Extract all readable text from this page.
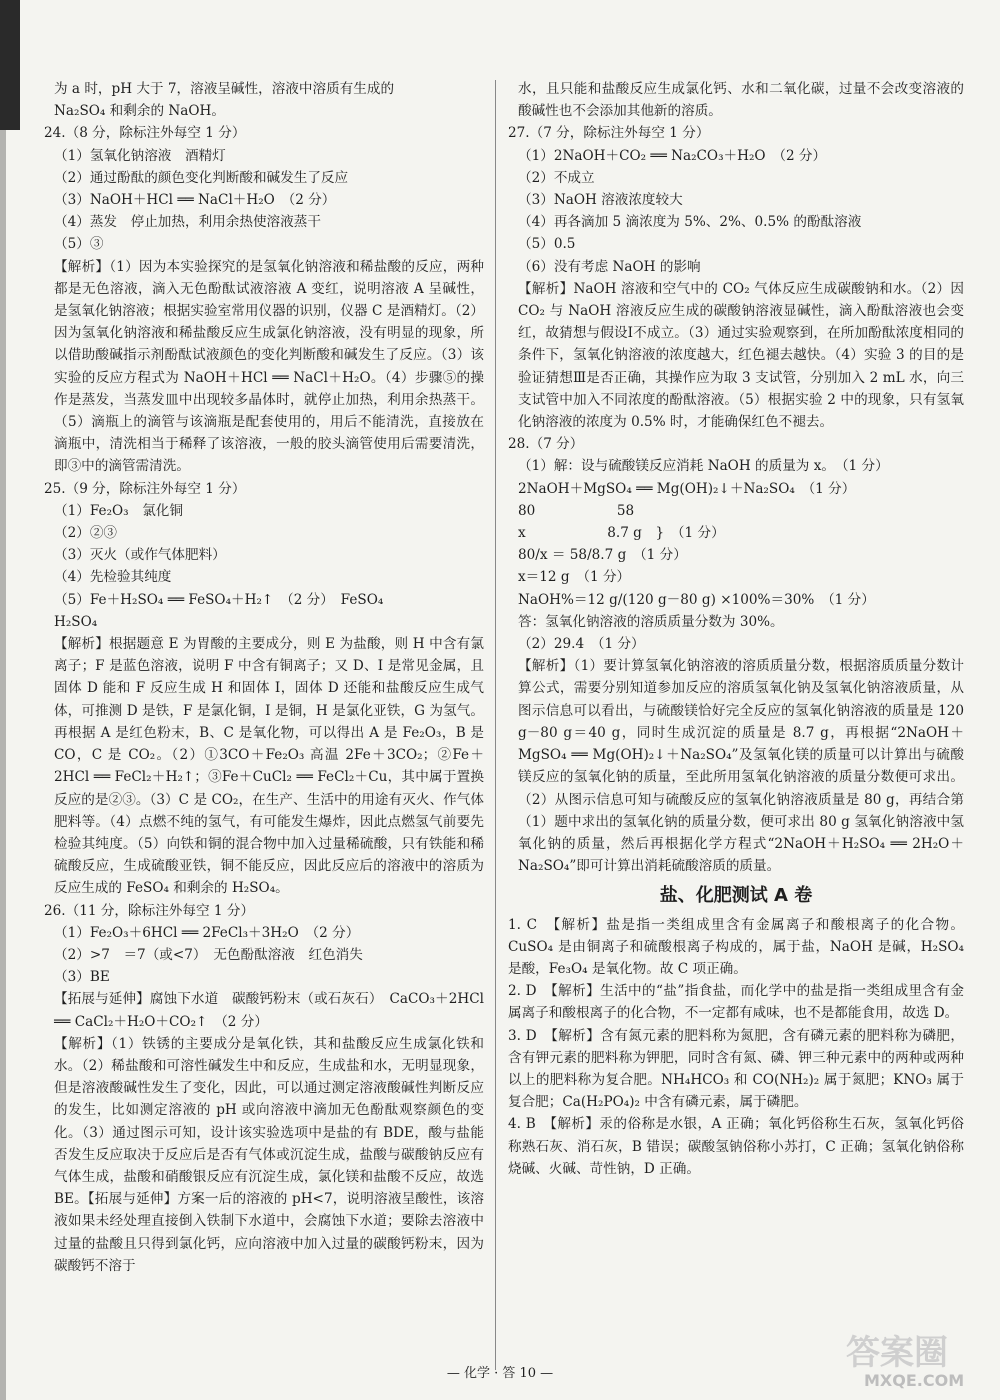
为 a 时，pH 大于 7，溶液呈碱性，溶液中溶质有生成的

Na₂SO₄ 和剩余的 NaOH。

24.（8 分，除标注外每空 1 分）

（1）氢氧化钠溶液　酒精灯

（2）通过酚酞的颜色变化判断酸和碱发生了反应

（3）NaOH＋HCl ══ NaCl＋H₂O　（2 分）

（4）蒸发　停止加热，利用余热使溶液蒸干

（5）③

【解析】（1）因为本实验探究的是氢氧化钠溶液和稀盐酸的反应，两种都是无色溶液，滴入无色酚酞试液溶液 A 变红，说明溶液 A 呈碱性，是氢氧化钠溶液；根据实验室常用仪器的识别，仪器 C 是酒精灯。（2）因为氢氧化钠溶液和稀盐酸反应生成氯化钠溶液，没有明显的现象，所以借助酸碱指示剂酚酞试液颜色的变化判断酸和碱发生了反应。（3）该实验的反应方程式为 NaOH＋HCl ══ NaCl＋H₂O。（4）步骤⑤的操作是蒸发，当蒸发皿中出现较多晶体时，就停止加热，利用余热蒸干。（5）滴瓶上的滴管与该滴瓶是配套使用的，用后不能清洗，直接放在滴瓶中，清洗相当于稀释了该溶液，一般的胶头滴管使用后需要清洗，即③中的滴管需清洗。

25.（9 分，除标注外每空 1 分）

（1）Fe₂O₃　氯化铜

（2）②③

（3）灭火（或作气体肥料）

（4）先检验其纯度

（5）Fe＋H₂SO₄ ══ FeSO₄＋H₂↑　（2 分）　FeSO₄

H₂SO₄

【解析】根据题意 E 为胃酸的主要成分，则 E 为盐酸，则 H 中含有氯离子；F 是蓝色溶液，说明 F 中含有铜离子；又 D、I 是常见金属，且固体 D 能和 F 反应生成 H 和固体 I，固体 D 还能和盐酸反应生成气体，可推测 D 是铁，F 是氯化铜，I 是铜，H 是氯化亚铁，G 为氢气。再根据 A 是红色粉末，B、C 是氧化物，可以得出 A 是 Fe₂O₃，B 是 CO，C 是 CO₂。（2）①3CO＋Fe₂O₃ 高温 2Fe＋3CO₂；②Fe＋2HCl ══ FeCl₂＋H₂↑；③Fe＋CuCl₂ ══ FeCl₂＋Cu，其中属于置换反应的是②③。（3）C 是 CO₂，在生产、生活中的用途有灭火、作气体肥料等。（4）点燃不纯的氢气，有可能发生爆炸，因此点燃氢气前要先检验其纯度。（5）向铁和铜的混合物中加入过量稀硫酸，只有铁能和稀硫酸反应，生成硫酸亚铁，铜不能反应，因此反应后的溶液中的溶质为反应生成的 FeSO₄ 和剩余的 H₂SO₄。

26.（11 分，除标注外每空 1 分）

（1）Fe₂O₃＋6HCl ══ 2FeCl₃＋3H₂O　（2 分）

（2）>7　＝7（或<7）　无色酚酞溶液　红色消失

（3）BE

【拓展与延伸】腐蚀下水道　碳酸钙粉末（或石灰石）　CaCO₃＋2HCl ══ CaCl₂＋H₂O＋CO₂↑　（2 分）

【解析】（1）铁锈的主要成分是氧化铁，其和盐酸反应生成氯化铁和水。（2）稀盐酸和可溶性碱发生中和反应，生成盐和水，无明显现象，但是溶液酸碱性发生了变化，因此，可以通过测定溶液酸碱性判断反应的发生，比如测定溶液的 pH 或向溶液中滴加无色酚酞观察颜色的变化。（3）通过图示可知，设计该实验选项中是盐的有 BDE，酸与盐能否发生反应取决于反应后是否有气体或沉淀生成，盐酸与碳酸钠反应有气体生成，盐酸和硝酸银反应有沉淀生成，氯化镁和盐酸不反应，故选 BE。【拓展与延伸】方案一后的溶液的 pH<7，说明溶液呈酸性，该溶液如果未经处理直接倒入铁制下水道中，会腐蚀下水道；要除去溶液中过量的盐酸且只得到氯化钙，应向溶液中加入过量的碳酸钙粉末，因为碳酸钙不溶于

水，且只能和盐酸反应生成氯化钙、水和二氧化碳，过量不会改变溶液的酸碱性也不会添加其他新的溶质。

27.（7 分，除标注外每空 1 分）

（1）2NaOH＋CO₂ ══ Na₂CO₃＋H₂O　（2 分）

（2）不成立

（3）NaOH 溶液浓度较大

（4）再各滴加 5 滴浓度为 5%、2%、0.5% 的酚酞溶液

（5）0.5

（6）没有考虑 NaOH 的影响

【解析】NaOH 溶液和空气中的 CO₂ 气体反应生成碳酸钠和水。（2）因 CO₂ 与 NaOH 溶液反应生成的碳酸钠溶液显碱性，滴入酚酞溶液也会变红，故猜想与假设Ⅰ不成立。（3）通过实验观察到，在所加酚酞浓度相同的条件下，氢氧化钠溶液的浓度越大，红色褪去越快。（4）实验 3 的目的是验证猜想Ⅲ是否正确，其操作应为取 3 支试管，分别加入 2 mL 水，向三支试管中加入不同浓度的酚酞溶液。（5）根据实验 2 中的现象，只有氢氧化钠溶液的浓度为 0.5% 时，才能确保红色不褪去。

28.（7 分）

（1）解：设与硫酸镁反应消耗 NaOH 的质量为 x。　（1 分）

2NaOH＋MgSO₄ ══ Mg(OH)₂↓＋Na₂SO₄　（1 分）

80　　　　　　58

x　　　　　　8.7 g　}　（1 分）

80/x ＝ 58/8.7 g　（1 分）

x＝12 g　（1 分）

NaOH%＝12 g/(120 g－80 g) ×100%＝30%　（1 分）

答：氢氧化钠溶液的溶质质量分数为 30%。

（2）29.4　（1 分）

【解析】（1）要计算氢氧化钠溶液的溶质质量分数，根据溶质质量分数计算公式，需要分别知道参加反应的溶质氢氧化钠及氢氧化钠溶液质量，从图示信息可以看出，与硫酸镁恰好完全反应的氢氧化钠溶液的质量是 120 g－80 g＝40 g，同时生成沉淀的质量是 8.7 g，再根据“2NaOH＋MgSO₄ ══ Mg(OH)₂↓＋Na₂SO₄”及氢氧化镁的质量可以计算出与硫酸镁反应的氢氧化钠的质量，至此所用氢氧化钠溶液的质量分数便可求出。（2）从图示信息可知与硫酸反应的氢氧化钠溶液质量是 80 g，再结合第（1）题中求出的氢氧化钠的质量分数，便可求出 80 g 氢氧化钠溶液中氢氧化钠的质量，然后再根据化学方程式“2NaOH＋H₂SO₄ ══ 2H₂O＋Na₂SO₄”即可计算出消耗硫酸溶质的质量。

盐、化肥测试 A 卷

1. C　【解析】盐是指一类组成里含有金属离子和酸根离子的化合物。CuSO₄ 是由铜离子和硫酸根离子构成的，属于盐，NaOH 是碱，H₂SO₄ 是酸，Fe₃O₄ 是氧化物。故 C 项正确。

2. D　【解析】生活中的“盐”指食盐，而化学中的盐是指一类组成里含有金属离子和酸根离子的化合物，不一定都有咸味，也不是都能食用，故选 D。

3. D　【解析】含有氮元素的肥料称为氮肥，含有磷元素的肥料称为磷肥，含有钾元素的肥料称为钾肥，同时含有氮、磷、钾三种元素中的两种或两种以上的肥料称为复合肥。NH₄HCO₃ 和 CO(NH₂)₂ 属于氮肥；KNO₃ 属于复合肥；Ca(H₂PO₄)₂ 中含有磷元素，属于磷肥。

4. B　【解析】汞的俗称是水银，A 正确；氧化钙俗称生石灰，氢氧化钙俗称熟石灰、消石灰，B 错误；碳酸氢钠俗称小苏打，C 正确；氢氧化钠俗称烧碱、火碱、苛性钠，D 正确。

— 化学 · 答 10 —
答案圈
MXQE.COM
